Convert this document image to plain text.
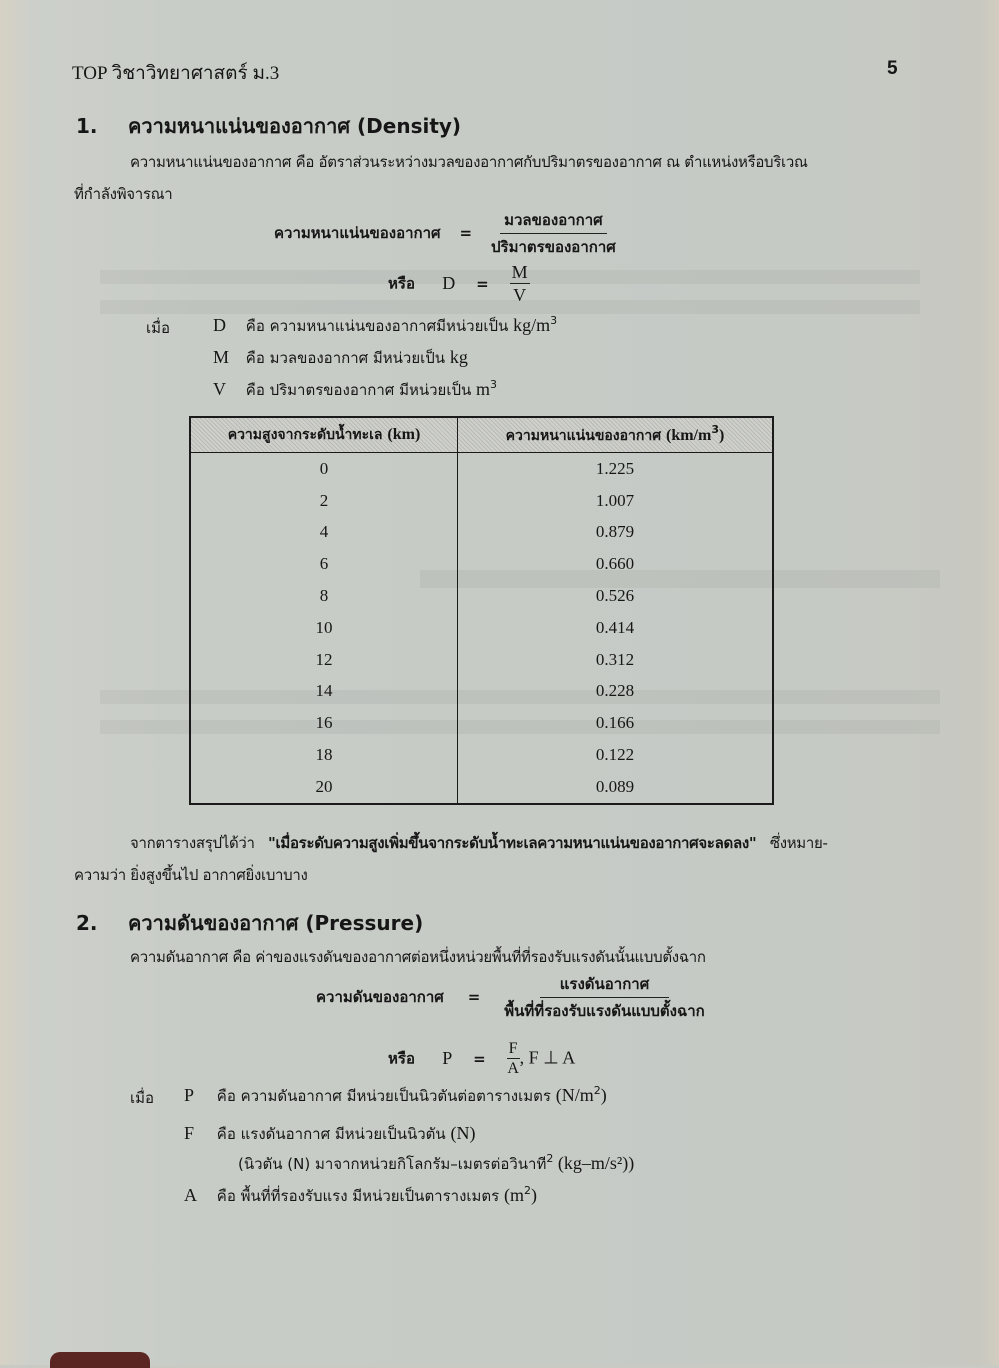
TOP วิชาวิทยาศาสตร์ ม.3	5
1. ความหนาแน่นของอากาศ (Density)
ความหนาแน่นของอากาศ คือ อัตราส่วนระหว่างมวลของอากาศกับปริมาตรของอากาศ ณ ตำแหน่งหรือบริเวณ
ที่กำลังพิจารณา
ความหนาแน่นของอากาศ = $\frac{\text{มวลของอากาศ}}{\text{ปริมาตรของอากาศ}}$
หรือ $D = \frac{M}{V}$
เมื่อ D คือ ความหนาแน่นของอากาศมีหน่วยเป็น $kg/m^3$
M คือ มวลของอากาศ มีหน่วยเป็น kg
V คือ ปริมาตรของอากาศ มีหน่วยเป็น $m^3$
ความสูงจากระดับน้ำทะเล (km)	ความหนาแน่นของอากาศ $(km/m^3)$
0	1.225
2	1.007
4	0.879
6	0.660
8	0.526
10	0.414
12	0.312
14	0.228
16	0.166
18	0.122
20	0.089
จากตารางสรุปได้ว่า "เมื่อระดับความสูงเพิ่มขึ้นจากระดับน้ำทะเลความหนาแน่นของอากาศจะลดลง" ซึ่งหมาย-
ความว่า ยิ่งสูงขึ้นไป อากาศยิ่งเบาบาง
2. ความดันของอากาศ (Pressure)
ความดันอากาศ คือ ค่าของแรงดันของอากาศต่อหนึ่งหน่วยพื้นที่ที่รองรับแรงดันนั้นแบบตั้งฉาก
ความดันของอากาศ = $\frac{\text{แรงดันอากาศ}}{\text{พื้นที่ที่รองรับแรงดันแบบตั้งฉาก}}$
หรือ $P = \frac{F}{A}$ , F ⊥ A
เมื่อ P คือ ความดันอากาศ มีหน่วยเป็นนิวตันต่อตารางเมตร $(N/m^2)$
F คือ แรงดันอากาศ มีหน่วยเป็นนิวตัน (N)
(นิวตัน (N) มาจากหน่วยกิโลกรัม–เมตรต่อวินาที$^2$ (kg–m/s²))
A คือ พื้นที่ที่รองรับแรง มีหน่วยเป็นตารางเมตร $(m^2)$
